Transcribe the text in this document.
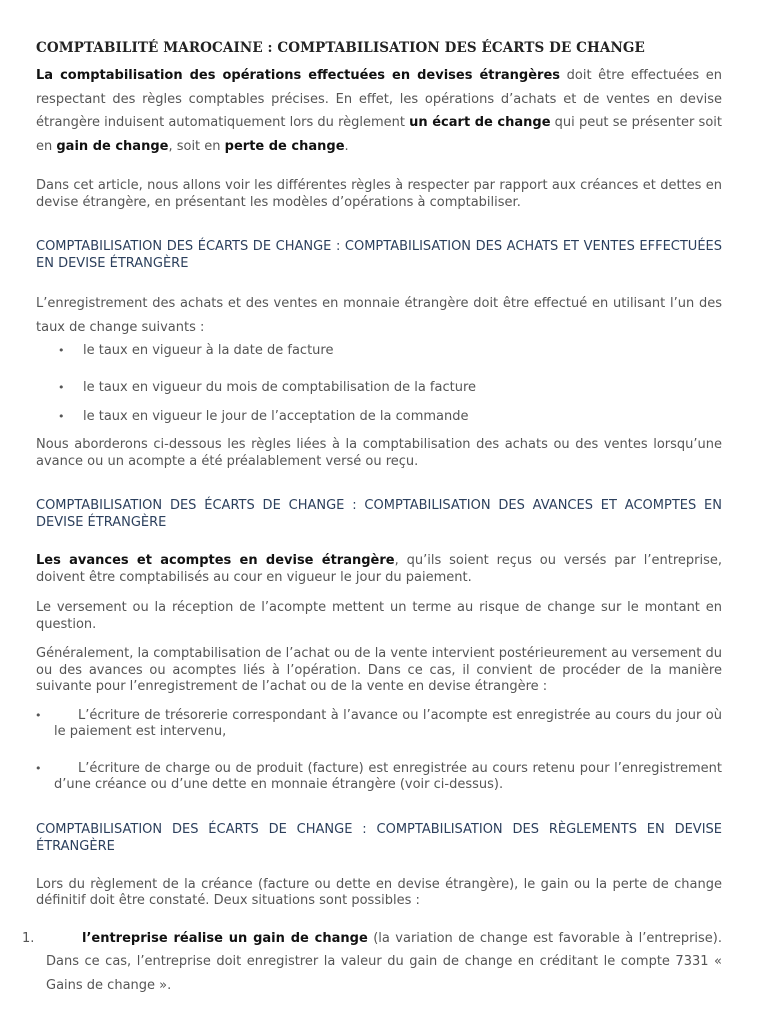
COMPTABILITÉ MAROCAINE : COMPTABILISATION DES ÉCARTS DE CHANGE

La comptabilisation des opérations effectuées en devises étrangères doit être effectuées en respectant des règles comptables précises. En effet, les opérations d’achats et de ventes en devise étrangère induisent automatiquement lors du règlement un écart de change qui peut se présenter soit en gain de change, soit en perte de change.

Dans cet article, nous allons voir les différentes règles à respecter par rapport aux créances et dettes en devise étrangère, en présentant les modèles d’opérations à comptabiliser.

COMPTABILISATION DES ÉCARTS DE CHANGE : COMPTABILISATION DES ACHATS ET VENTES EFFECTUÉES EN DEVISE ÉTRANGÈRE

L’enregistrement des achats et des ventes en monnaie étrangère doit être effectué en utilisant l’un des taux de change suivants :

• le taux en vigueur à la date de facture
• le taux en vigueur du mois de comptabilisation de la facture
• le taux en vigueur le jour de l’acceptation de la commande

Nous aborderons ci-dessous les règles liées à la comptabilisation des achats ou des ventes lorsqu’une avance ou un acompte a été préalablement versé ou reçu.

COMPTABILISATION DES ÉCARTS DE CHANGE : COMPTABILISATION DES AVANCES ET ACOMPTES EN DEVISE ÉTRANGÈRE

Les avances et acomptes en devise étrangère, qu’ils soient reçus ou versés par l’entreprise, doivent être comptabilisés au cour en vigueur le jour du paiement.

Le versement ou la réception de l’acompte mettent un terme au risque de change sur le montant en question.

Généralement, la comptabilisation de l’achat ou de la vente intervient postérieurement au versement du ou des avances ou acomptes liés à l’opération. Dans ce cas, il convient de procéder de la manière suivante pour l’enregistrement de l’achat ou de la vente en devise étrangère :

• L’écriture de trésorerie correspondant à l’avance ou l’acompte est enregistrée au cours du jour où le paiement est intervenu,
• L’écriture de charge ou de produit (facture) est enregistrée au cours retenu pour l’enregistrement d’une créance ou d’une dette en monnaie étrangère (voir ci-dessus).
COMPTABILISATION DES ÉCARTS DE CHANGE : COMPTABILISATION DES RÈGLEMENTS EN DEVISE ÉTRANGÈRE

Lors du règlement de la créance (facture ou dette en devise étrangère), le gain ou la perte de change définitif doit être constaté. Deux situations sont possibles :

1.	l’entreprise réalise un gain de change (la variation de change est favorable à l’entreprise). Dans ce cas, l’entreprise doit enregistrer la valeur du gain de change en créditant le compte 7331 « Gains de change ».
